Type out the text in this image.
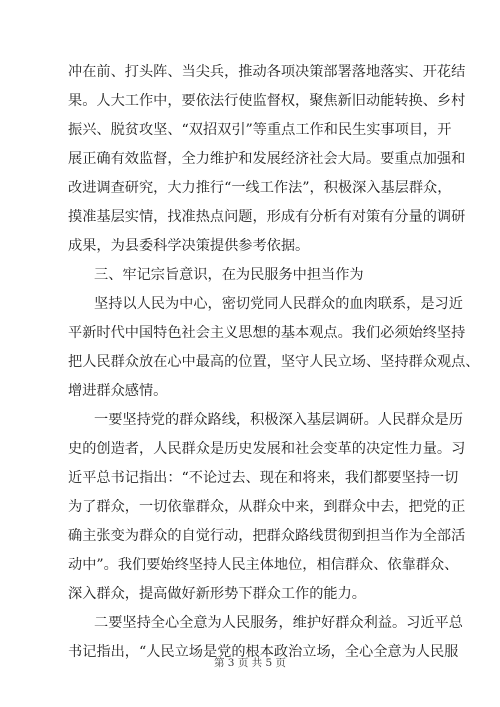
冲在前、打头阵、当尖兵，推动各项决策部署落地落实、开花结
果。人大工作中，要依法行使监督权，聚焦新旧动能转换、乡村
振兴、脱贫攻坚、“双招双引”等重点工作和民生实事项目，开
展正确有效监督，全力维护和发展经济社会大局。要重点加强和
改进调查研究，大力推行“一线工作法”，积极深入基层群众，
摸准基层实情，找准热点问题，形成有分析有对策有分量的调研
成果，为县委科学决策提供参考依据。
三、牢记宗旨意识，在为民服务中担当作为
坚持以人民为中心，密切党同人民群众的血肉联系，是习近
平新时代中国特色社会主义思想的基本观点。我们必须始终坚持
把人民群众放在心中最高的位置，坚守人民立场、坚持群众观点、
增进群众感情。
一要坚持党的群众路线，积极深入基层调研。人民群众是历
史的创造者，人民群众是历史发展和社会变革的决定性力量。习
近平总书记指出：“不论过去、现在和将来，我们都要坚持一切
为了群众，一切依靠群众，从群众中来，到群众中去，把党的正
确主张变为群众的自觉行动，把群众路线贯彻到担当作为全部活
动中”。我们要始终坚持人民主体地位，相信群众、依靠群众、
深入群众，提高做好新形势下群众工作的能力。
二要坚持全心全意为人民服务，维护好群众利益。习近平总
书记指出，“人民立场是党的根本政治立场，全心全意为人民服
第 3 页 共 5 页
